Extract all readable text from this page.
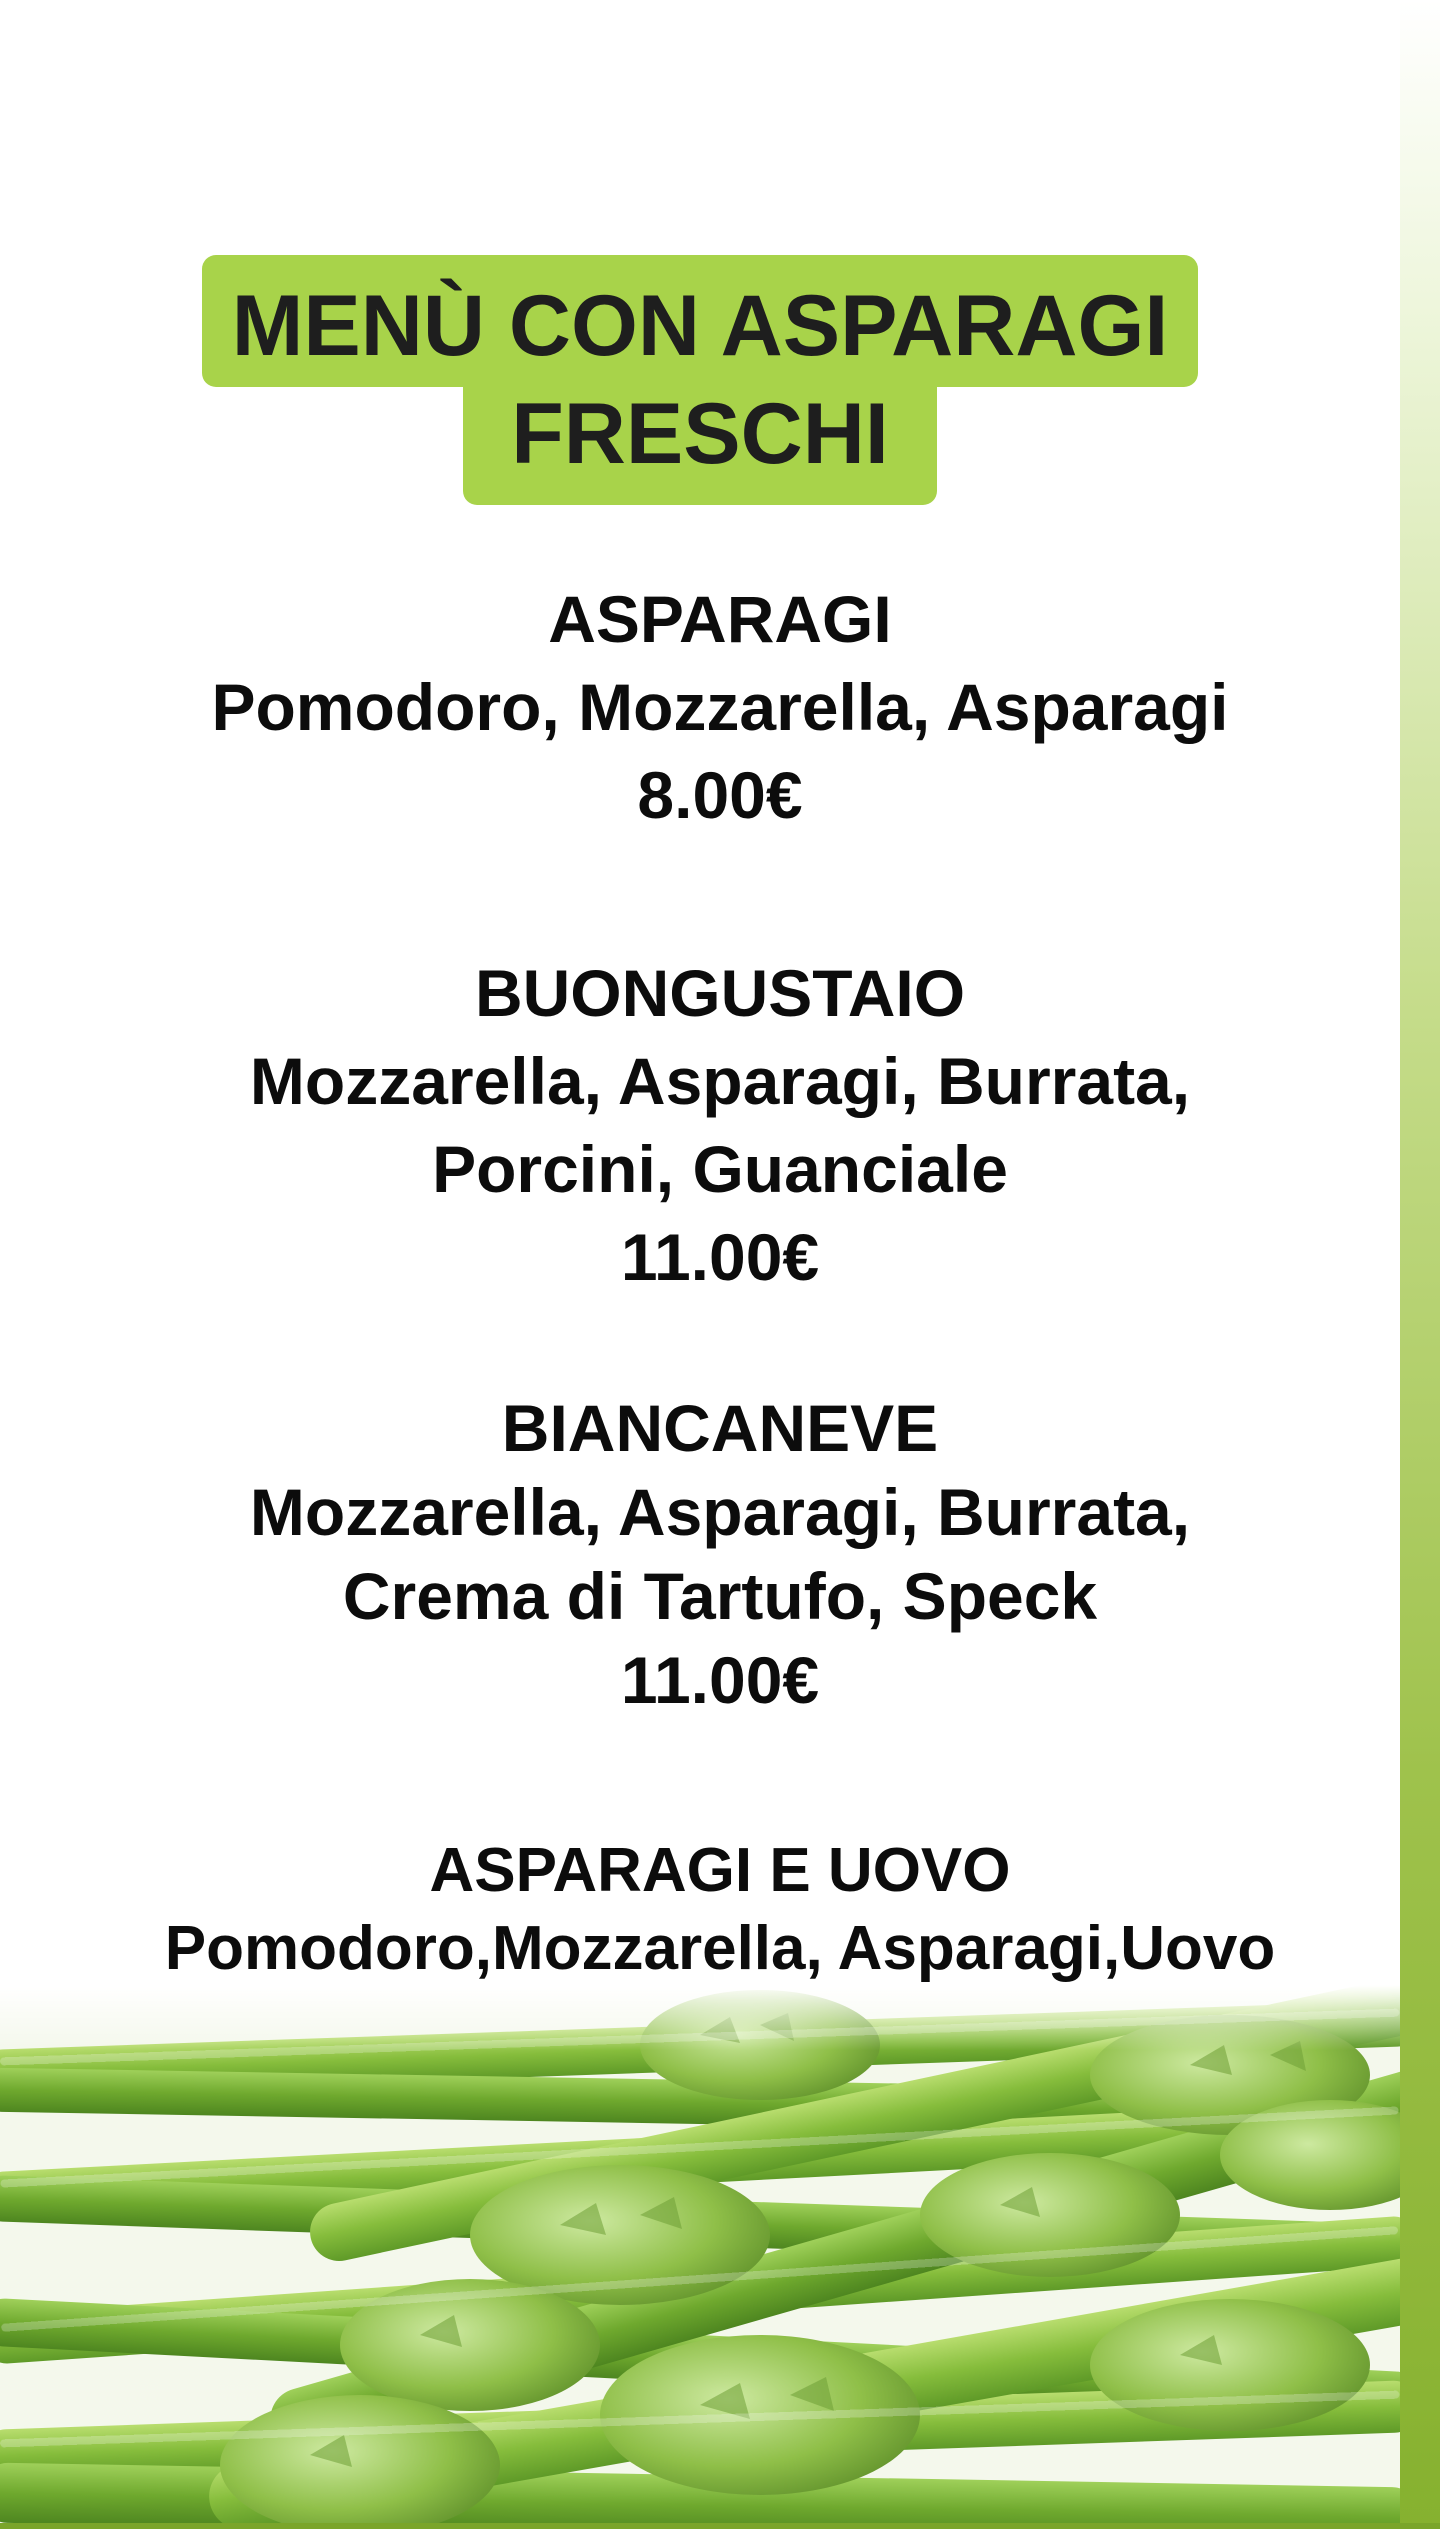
MENÙ CON ASPARAGI
FRESCHI
ASPARAGI
Pomodoro, Mozzarella, Asparagi
8.00€
BUONGUSTAIO
Mozzarella, Asparagi, Burrata,
Porcini, Guanciale
11.00€
BIANCANEVE
Mozzarella, Asparagi, Burrata,
Crema di Tartufo, Speck
11.00€
ASPARAGI E UOVO
Pomodoro,Mozzarella, Asparagi,Uovo
